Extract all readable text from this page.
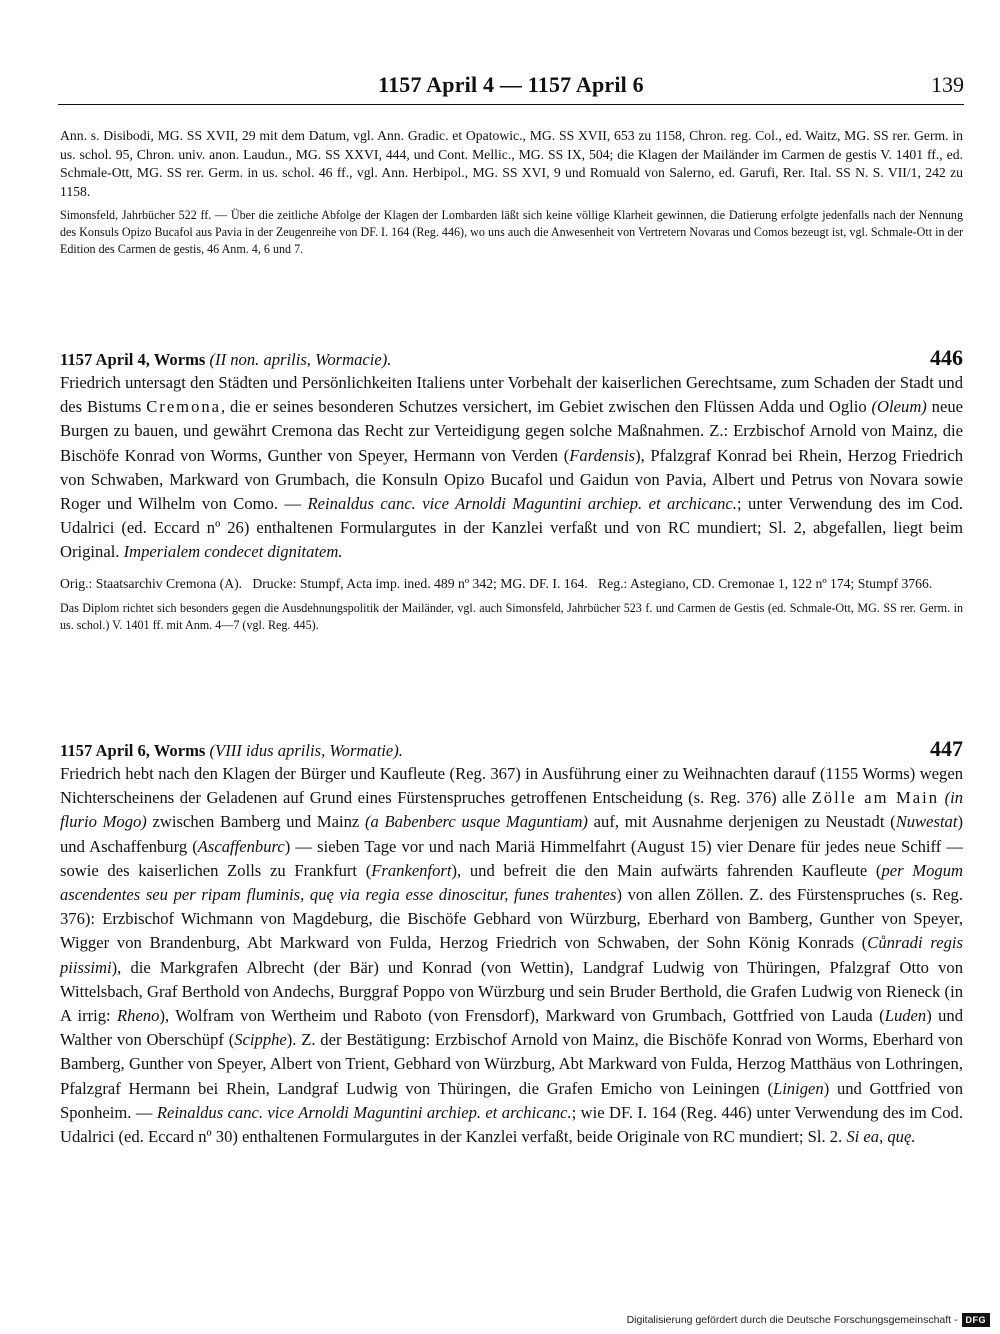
1157 April 4 — 1157 April 6	139

Ann. s. Disibodi, MG. SS XVII, 29 mit dem Datum, vgl. Ann. Gradic. et Opatowic., MG. SS XVII, 653 zu 1158, Chron. reg. Col., ed. Waitz, MG. SS rer. Germ. in us. schol. 95, Chron. univ. anon. Laudun., MG. SS XXVI, 444, und Cont. Mellic., MG. SS IX, 504; die Klagen der Mailänder im Carmen de gestis V. 1401 ff., ed. Schmale-Ott, MG. SS rer. Germ. in us. schol. 46 ff., vgl. Ann. Herbipol., MG. SS XVI, 9 und Romuald von Salerno, ed. Garufi, Rer. Ital. SS N. S. VII/1, 242 zu 1158.

Simonsfeld, Jahrbücher 522 ff. — Über die zeitliche Abfolge der Klagen der Lombarden läßt sich keine völlige Klarheit gewinnen, die Datierung erfolgte jedenfalls nach der Nennung des Konsuls Opizo Bucafol aus Pavia in der Zeugenreihe von DF. I. 164 (Reg. 446), wo uns auch die Anwesenheit von Vertretern Novaras und Comos bezeugt ist, vgl. Schmale-Ott in der Edition des Carmen de gestis, 46 Anm. 4, 6 und 7.

1157 April 4, Worms (II non. aprilis, Wormacie).	446

Friedrich untersagt den Städten und Persönlichkeiten Italiens unter Vorbehalt der kaiserlichen Gerechtsame, zum Schaden der Stadt und des Bistums Cremona, die er seines besonderen Schutzes versichert, im Gebiet zwischen den Flüssen Adda und Oglio (Oleum) neue Burgen zu bauen, und gewährt Cremona das Recht zur Verteidigung gegen solche Maßnahmen. Z.: Erzbischof Arnold von Mainz, die Bischöfe Konrad von Worms, Gunther von Speyer, Hermann von Verden (Fardensis), Pfalzgraf Konrad bei Rhein, Herzog Friedrich von Schwaben, Markward von Grumbach, die Konsuln Opizo Bucafol und Gaidun von Pavia, Albert und Petrus von Novara sowie Roger und Wilhelm von Como. — Reinaldus canc. vice Arnoldi Maguntini archiep. et archicanc.; unter Verwendung des im Cod. Udalrici (ed. Eccard nº 26) enthaltenen Formulargutes in der Kanzlei verfaßt und von RC mundiert; Sl. 2, abgefallen, liegt beim Original. Imperialem condecet dignitatem.

Orig.: Staatsarchiv Cremona (A).   Drucke: Stumpf, Acta imp. ined. 489 nº 342; MG. DF. I. 164.   Reg.: Astegiano, CD. Cremonae 1, 122 nº 174; Stumpf 3766.

Das Diplom richtet sich besonders gegen die Ausdehnungspolitik der Mailänder, vgl. auch Simonsfeld, Jahrbücher 523 f. und Carmen de Gestis (ed. Schmale-Ott, MG. SS rer. Germ. in us. schol.) V. 1401 ff. mit Anm. 4—7 (vgl. Reg. 445).

1157 April 6, Worms (VIII idus aprilis, Wormatie).	447

Friedrich hebt nach den Klagen der Bürger und Kaufleute (Reg. 367) in Ausführung einer zu Weihnachten darauf (1155 Worms) wegen Nichterscheinens der Geladenen auf Grund eines Fürstenspruches getroffenen Entscheidung (s. Reg. 376) alle Zölle am Main (in flurio Mogo) zwischen Bamberg und Mainz (a Babenberc usque Maguntiam) auf, mit Ausnahme derjenigen zu Neustadt (Nuwestat) und Aschaffenburg (Ascaffenburc) — sieben Tage vor und nach Mariä Himmelfahrt (August 15) vier Denare für jedes neue Schiff — sowie des kaiserlichen Zolls zu Frankfurt (Frankenfort), und befreit die den Main aufwärts fahrenden Kaufleute (per Mogum ascendentes seu per ripam fluminis, quę via regia esse dinoscitur, funes trahentes) von allen Zöllen. Z. des Fürstenspruches (s. Reg. 376): Erzbischof Wichmann von Magdeburg, die Bischöfe Gebhard von Würzburg, Eberhard von Bamberg, Gunther von Speyer, Wigger von Brandenburg, Abt Markward von Fulda, Herzog Friedrich von Schwaben, der Sohn König Konrads (Cůnradi regis piissimi), die Markgrafen Albrecht (der Bär) und Konrad (von Wettin), Landgraf Ludwig von Thüringen, Pfalzgraf Otto von Wittelsbach, Graf Berthold von Andechs, Burggraf Poppo von Würzburg und sein Bruder Berthold, die Grafen Ludwig von Rieneck (in A irrig: Rheno), Wolfram von Wertheim und Raboto (von Frensdorf), Markward von Grumbach, Gottfried von Lauda (Luden) und Walther von Oberschüpf (Scipphe). Z. der Bestätigung: Erzbischof Arnold von Mainz, die Bischöfe Konrad von Worms, Eberhard von Bamberg, Gunther von Speyer, Albert von Trient, Gebhard von Würzburg, Abt Markward von Fulda, Herzog Matthäus von Lothringen, Pfalzgraf Hermann bei Rhein, Landgraf Ludwig von Thüringen, die Grafen Emicho von Leiningen (Linigen) und Gottfried von Sponheim. — Reinaldus canc. vice Arnoldi Maguntini archiep. et archicanc.; wie DF. I. 164 (Reg. 446) unter Verwendung des im Cod. Udalrici (ed. Eccard nº 30) enthaltenen Formulargutes in der Kanzlei verfaßt, beide Originale von RC mundiert; Sl. 2. Si ea, quę.

Digitalisierung gefördert durch die Deutsche Forschungsgemeinschaft - DFG
